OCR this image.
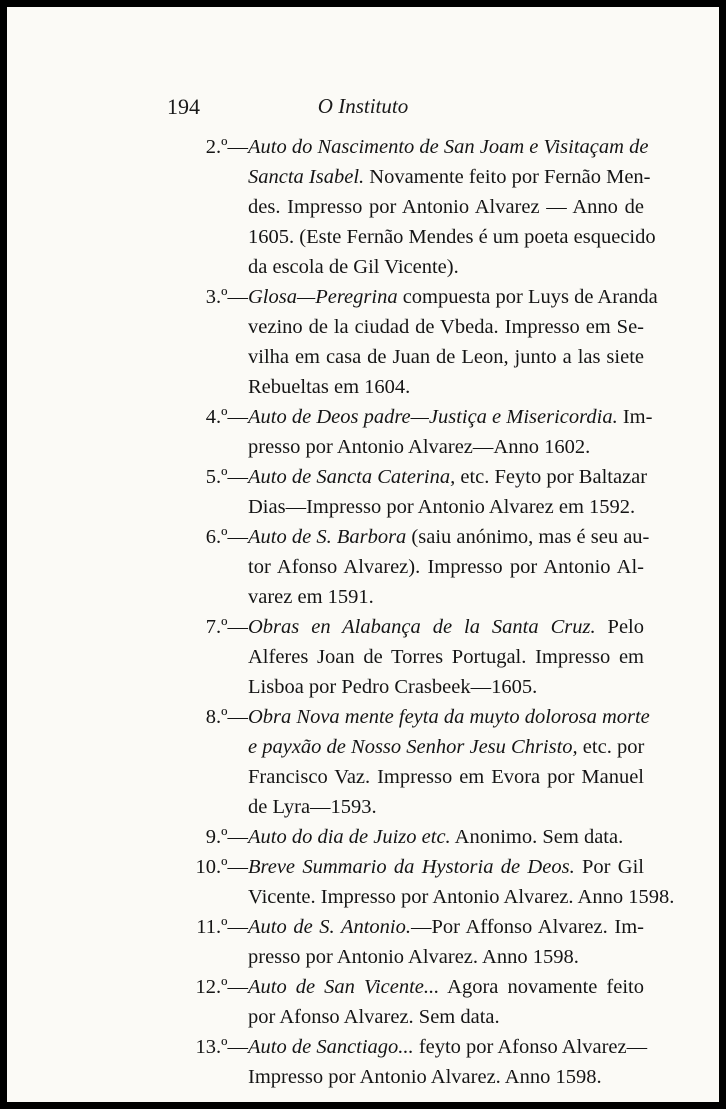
194	O Instituto
2.º— Auto do Nascimento de San Joam e Visitaçam de
Sancta Isabel. Novamente feito por Fernão Men-
des. Impresso por Antonio Alvarez — Anno de
1605. (Este Fernão Mendes é um poeta esquecido
da escola de Gil Vicente).
3.º— Glosa—Peregrina compuesta por Luys de Aranda
vezino de la ciudad de Vbeda. Impresso em Se-
vilha em casa de Juan de Leon, junto a las siete
Rebueltas em 1604.
4.º— Auto de Deos padre—Justiça e Misericordia. Im-
presso por Antonio Alvarez—Anno 1602.
5.º— Auto de Sancta Caterina, etc. Feyto por Baltazar
Dias—Impresso por Antonio Alvarez em 1592.
6.º— Auto de S. Barbora (saiu anónimo, mas é seu au-
tor Afonso Alvarez). Impresso por Antonio Al-
varez em 1591.
7.º— Obras en Alabança de la Santa Cruz. Pelo
Alferes Joan de Torres Portugal. Impresso em
Lisboa por Pedro Crasbeek—1605.
8.º— Obra Nova mente feyta da muyto dolorosa morte
e payxão de Nosso Senhor Jesu Christo, etc. por
Francisco Vaz. Impresso em Evora por Manuel
de Lyra—1593.
9.º— Auto do dia de Juizo etc. Anonimo. Sem data.
10.º— Breve Summario da Hystoria de Deos. Por Gil
Vicente. Impresso por Antonio Alvarez. Anno 1598.
11.º— Auto de S. Antonio.—Por Affonso Alvarez. Im-
presso por Antonio Alvarez. Anno 1598.
12.º— Auto de San Vicente... Agora novamente feito
por Afonso Alvarez. Sem data.
13.º— Auto de Sanctiago... feyto por Afonso Alvarez—
Impresso por Antonio Alvarez. Anno 1598.
